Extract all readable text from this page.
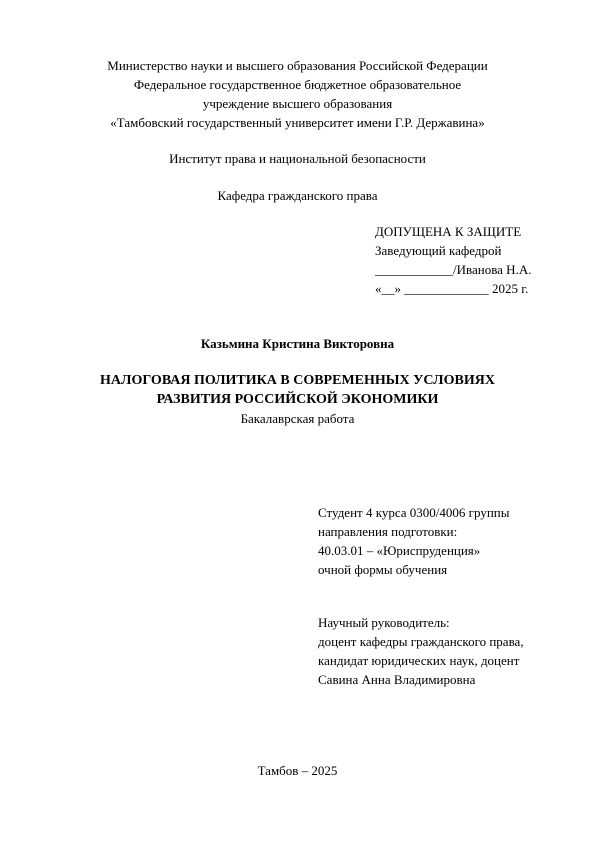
Министерство науки и высшего образования Российской Федерации
Федеральное государственное бюджетное образовательное
учреждение высшего образования
«Тамбовский государственный университет имени Г.Р. Державина»
Институт права и национальной безопасности
Кафедра гражданского права
ДОПУЩЕНА К ЗАЩИТЕ
Заведующий кафедрой
____________/Иванова Н.А.
«__» _____________ 2025 г.
Казьмина Кристина Викторовна
НАЛОГОВАЯ ПОЛИТИКА В СОВРЕМЕННЫХ УСЛОВИЯХ
РАЗВИТИЯ РОССИЙСКОЙ ЭКОНОМИКИ
Бакалаврская работа
Студент 4 курса 0300/4006 группы
направления подготовки:
40.03.01 – «Юриспруденция»
очной формы обучения
Научный руководитель:
доцент кафедры гражданского права,
кандидат юридических наук, доцент
Савина Анна Владимировна
Тамбов – 2025
